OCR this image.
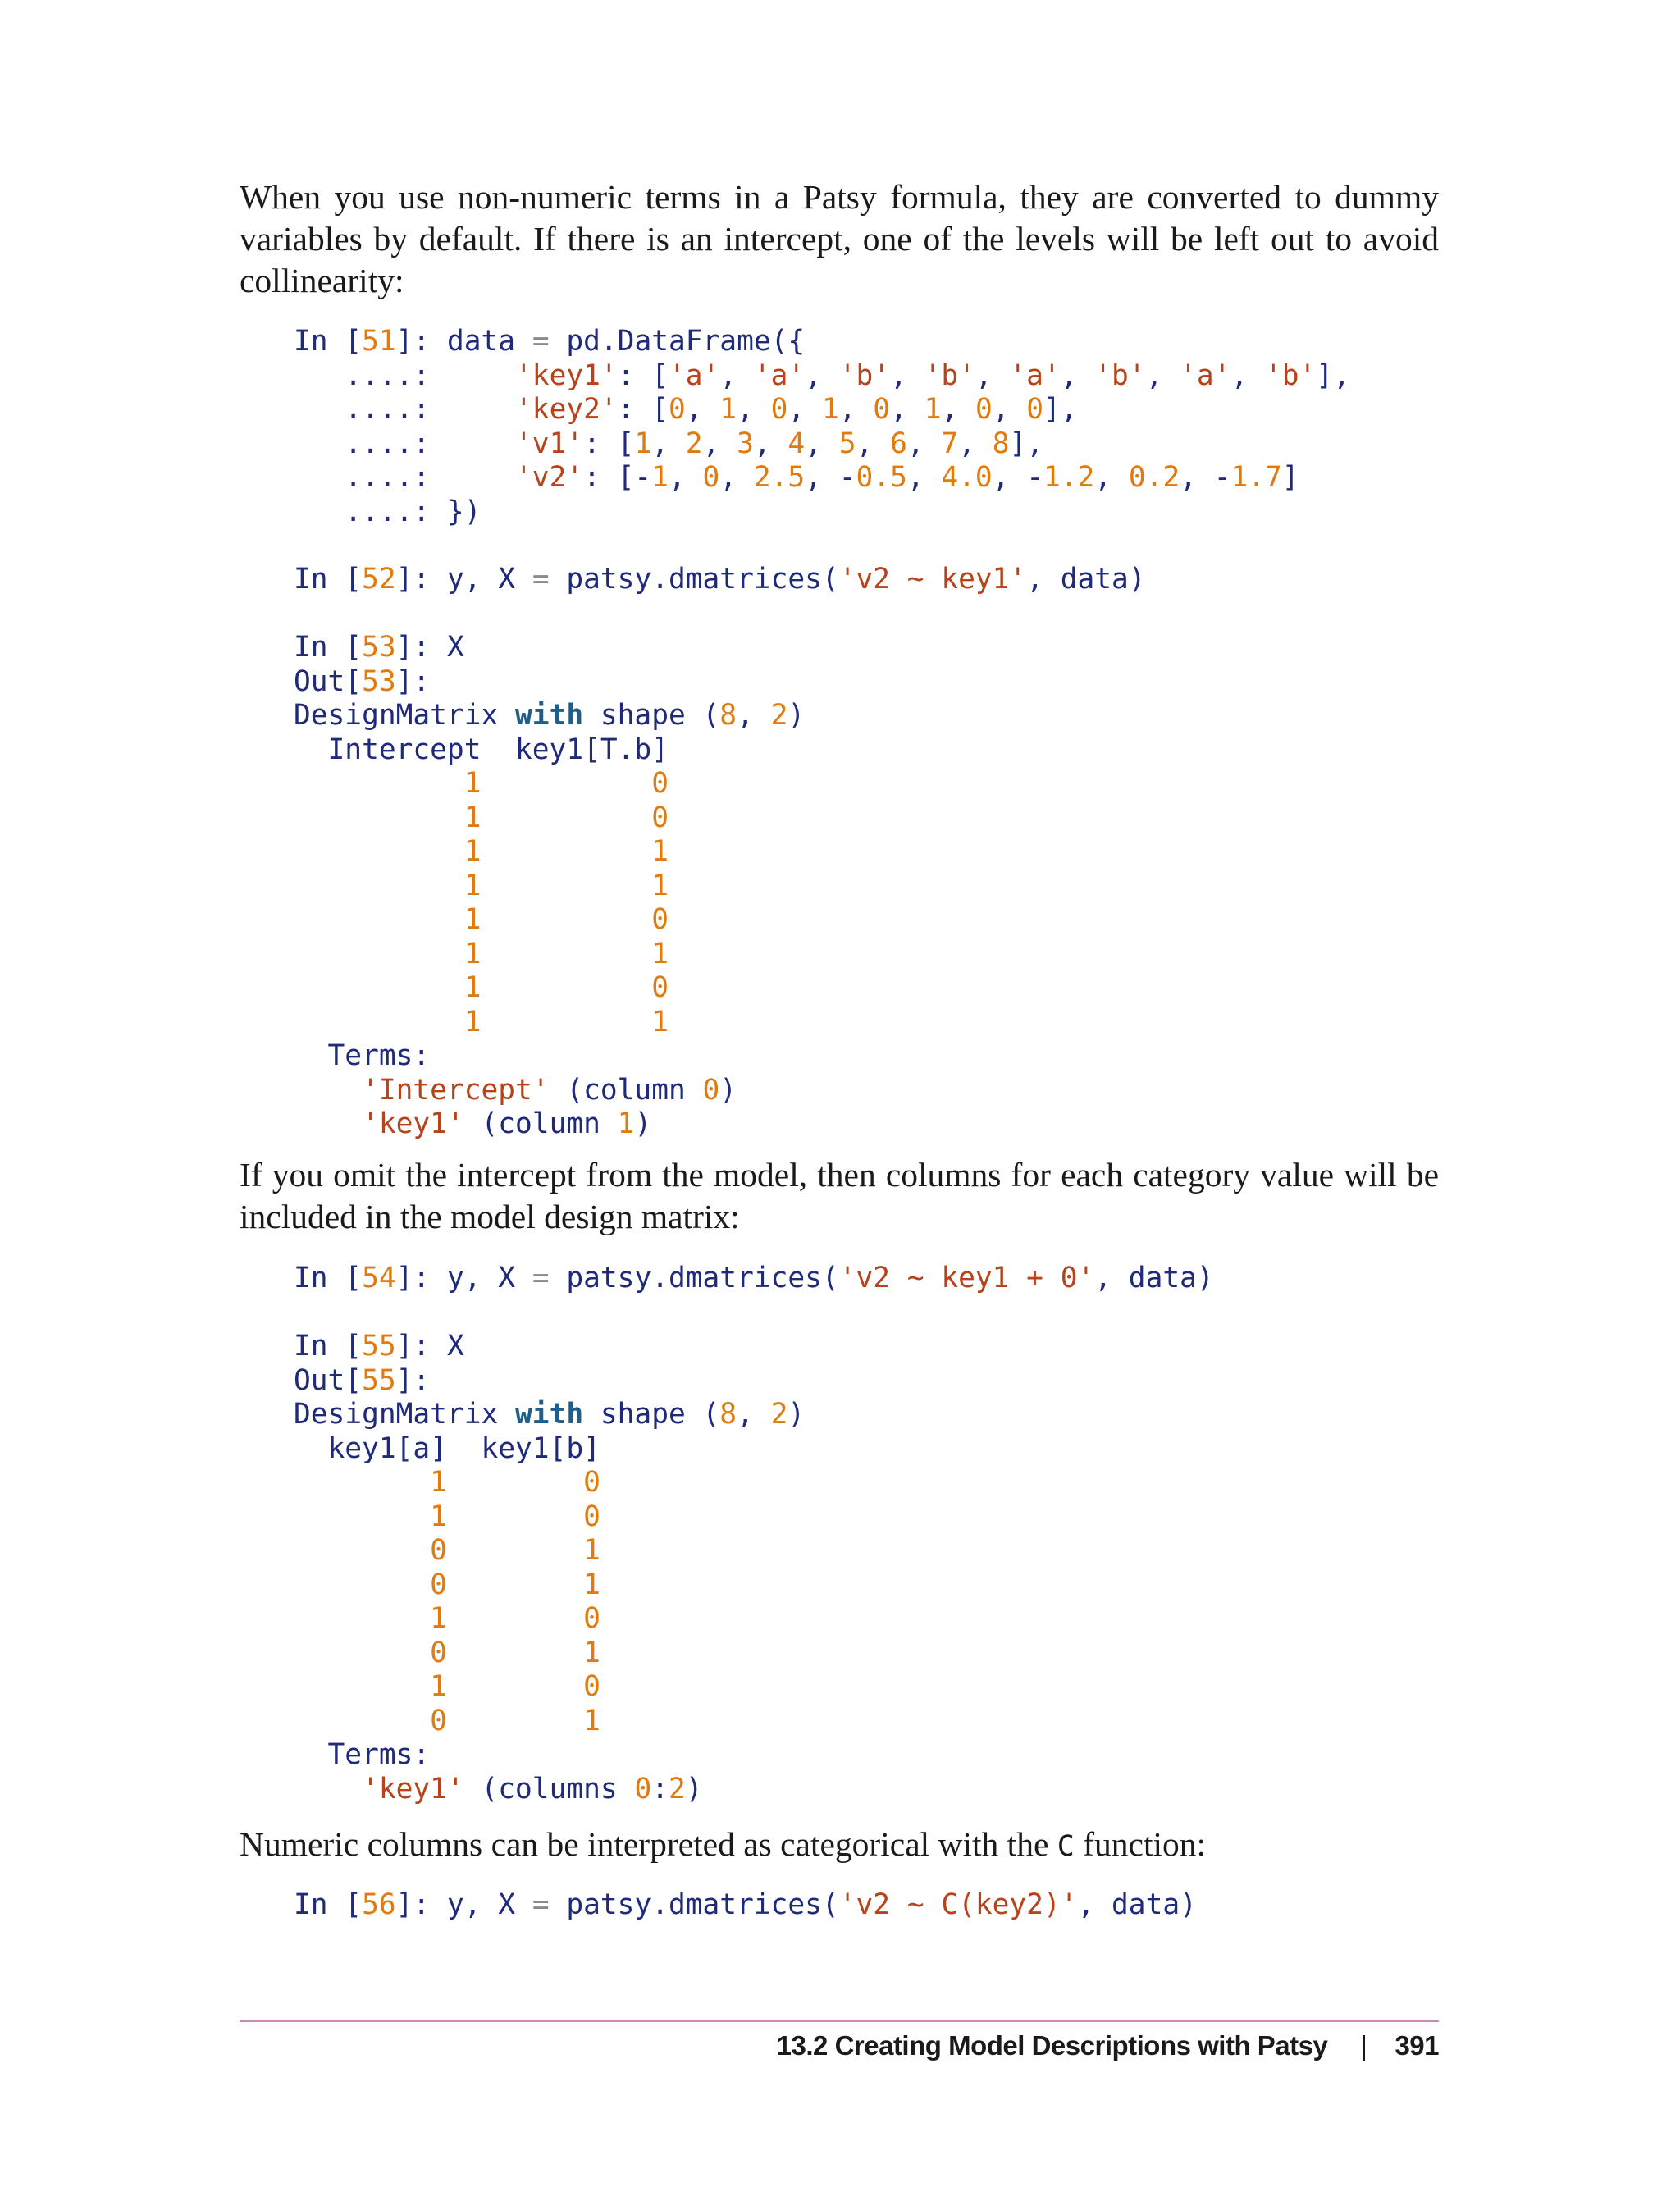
When you use non-numeric terms in a Patsy formula, they are converted to dummy variables by default. If there is an intercept, one of the levels will be left out to avoid collinearity:

In [51]: data = pd.DataFrame({
....:     'key1': ['a', 'a', 'b', 'b', 'a', 'b', 'a', 'b'],
....:     'key2': [0, 1, 0, 1, 0, 1, 0, 0],
....:     'v1': [1, 2, 3, 4, 5, 6, 7, 8],
....:     'v2': [-1, 0, 2.5, -0.5, 4.0, -1.2, 0.2, -1.7]
....: })
In [52]: y, X = patsy.dmatrices('v2 ~ key1', data)
In [53]: X
Out[53]:
DesignMatrix with shape (8, 2)
Intercept  key1[T.b]
1	0
1	0
1	1
1	1
1	0
1	1
1	0
1	1
Terms:
'Intercept' (column 0)
'key1' (column 1)

If you omit the intercept from the model, then columns for each category value will be included in the model design matrix:

In [54]: y, X = patsy.dmatrices('v2 ~ key1 + 0', data)
In [55]: X
Out[55]:
DesignMatrix with shape (8, 2)
key1[a]  key1[b]
1	0
1	0
0	1
0	1
1	0
0	1
1	0
0	1
Terms:
'key1' (columns 0:2)

Numeric columns can be interpreted as categorical with the C function:

In [56]: y, X = patsy.dmatrices('v2 ~ C(key2)', data)
13.2 Creating Model Descriptions with Patsy | 391
